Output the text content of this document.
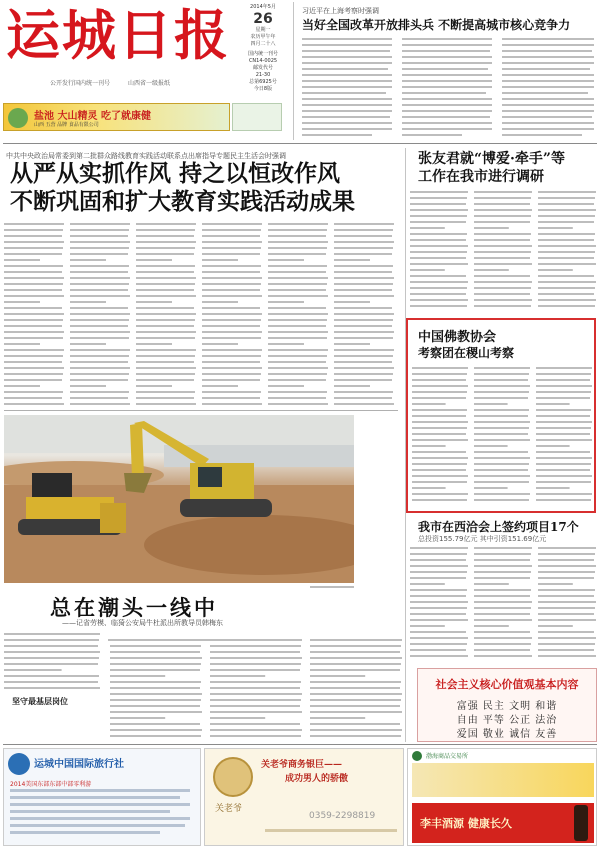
运城日报
公开发行国内统一刊号	山西省一级报纸
2014年5月
26
星期一
农历甲午年
四月二十八
国内统一刊号
CN14-0025
邮发代号
21-30
总第6925号
今日8版
盐池 大山精灵 吃了就康健
山西 五营 品牌 食品有限公司
习近平在上海考察时强调
当好全国改革开放排头兵 不断提高城市核心竞争力
中共中央政治局常委到第二批群众路线教育实践活动联系点出席指导专题民主生活会时强调
从严从实抓作风 持之以恒改作风
不断巩固和扩大教育实践活动成果
总在潮头一线中
——记省劳模、临猗公安局牛杜派出所教导员韩梅东
坚守最基层岗位
张友君就“博爱·牵手”等
工作在我市进行调研
中国佛教协会
考察团在稷山考察
我市在西洽会上签约项目17个
总投资155.79亿元 其中引资151.69亿元
社会主义核心价值观基本内容
富强 民主 文明 和谐
自由 平等 公正 法治
爱国 敬业 诚信 友善
运城中国国际旅行社
2014美国东部东部中部零利游
关老爷商务银巨——
成功男人的骄傲
关老爷
0359-2298819
渤海商品交易所
李丰酒源 健康长久
